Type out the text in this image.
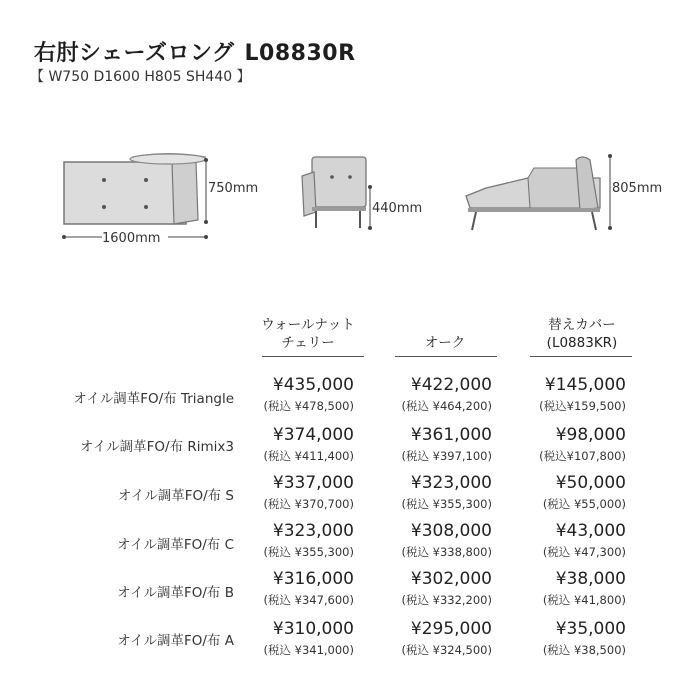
右肘シェーズロング L08830R
【 W750 D1600 H805 SH440 】
750mm
1600mm
440mm
805mm
ウォールナット
チェリー
	オーク
替えカバー
(L0883KR)
オイル調革FO/布 Triangle
¥435,000
(税込 ¥478,500)
¥422,000
(税込 ¥464,200)
¥145,000
(税込¥159,500)
オイル調革FO/布 Rimix3
¥374,000
(税込 ¥411,400)
¥361,000
(税込 ¥397,100)
¥98,000
(税込¥107,800)
オイル調革FO/布 S
¥337,000
(税込 ¥370,700)
¥323,000
(税込 ¥355,300)
¥50,000
(税込 ¥55,000)
オイル調革FO/布 C
¥323,000
(税込 ¥355,300)
¥308,000
(税込 ¥338,800)
¥43,000
(税込 ¥47,300)
オイル調革FO/布 B
¥316,000
(税込 ¥347,600)
¥302,000
(税込 ¥332,200)
¥38,000
(税込 ¥41,800)
オイル調革FO/布 A
¥310,000
(税込 ¥341,000)
¥295,000
(税込 ¥324,500)
¥35,000
(税込 ¥38,500)
